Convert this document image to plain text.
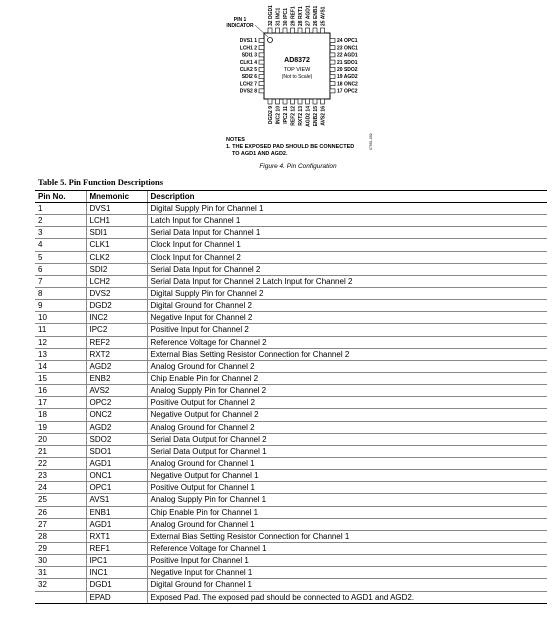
PIN 1
INDICATOR
AD8372
TOP VIEW
(Not to Scale)
DVS1 1
LCH1 2
SDI1 3
CLK1 4
CLK2 5
SDI2 6
LCH2 7
DVS2 8
24 OPC1
23 ONC1
22 AGD1
21 SDO1
20 SDO2
19 AGD2
18 ONC2
17 OPC2
32 DGD1 31 INC1 30 IPC1 29 REF1 28 RXT1 27 AGD1 26 ENB1 25 AVS1
DGD2 9 INC2 10 IPC2 11 REF2 12 RXT2 13 AGD2 14 ENB2 15 AVS2 16
NOTES
1. THE EXPOSED PAD SHOULD BE CONNECTED
TO AGD1 AND AGD2.
07551-002
Figure 4. Pin Configuration
Table 5. Pin Function Descriptions
Pin No.	Mnemonic	Description
1	DVS1	Digital Supply Pin for Channel 1
2	LCH1	Latch Input for Channel 1
3	SDI1	Serial Data Input for Channel 1
4	CLK1	Clock Input for Channel 1
5	CLK2	Clock Input for Channel 2
6	SDI2	Serial Data Input for Channel 2
7	LCH2	Serial Data Input for Channel 2 Latch Input for Channel 2
8	DVS2	Digital Supply Pin for Channel 2
9	DGD2	Digital Ground for Channel 2
10	INC2	Negative Input for Channel 2
11	IPC2	Positive Input for Channel 2
12	REF2	Reference Voltage for Channel 2
13	RXT2	External Bias Setting Resistor Connection for Channel 2
14	AGD2	Analog Ground for Channel 2
15	ENB2	Chip Enable Pin for Channel 2
16	AVS2	Analog Supply Pin for Channel 2
17	OPC2	Positive Output for Channel 2
18	ONC2	Negative Output for Channel 2
19	AGD2	Analog Ground for Channel 2
20	SDO2	Serial Data Output for Channel 2
21	SDO1	Serial Data Output for Channel 1
22	AGD1	Analog Ground for Channel 1
23	ONC1	Negative Output for Channel 1
24	OPC1	Positive Output for Channel 1
25	AVS1	Analog Supply Pin for Channel 1
26	ENB1	Chip Enable Pin for Channel 1
27	AGD1	Analog Ground for Channel 1
28	RXT1	External Bias Setting Resistor Connection for Channel 1
29	REF1	Reference Voltage for Channel 1
30	IPC1	Positive Input for Channel 1
31	INC1	Negative Input for Channel 1
32	DGD1	Digital Ground for Channel 1
	EPAD	Exposed Pad. The exposed pad should be connected to AGD1 and AGD2.
